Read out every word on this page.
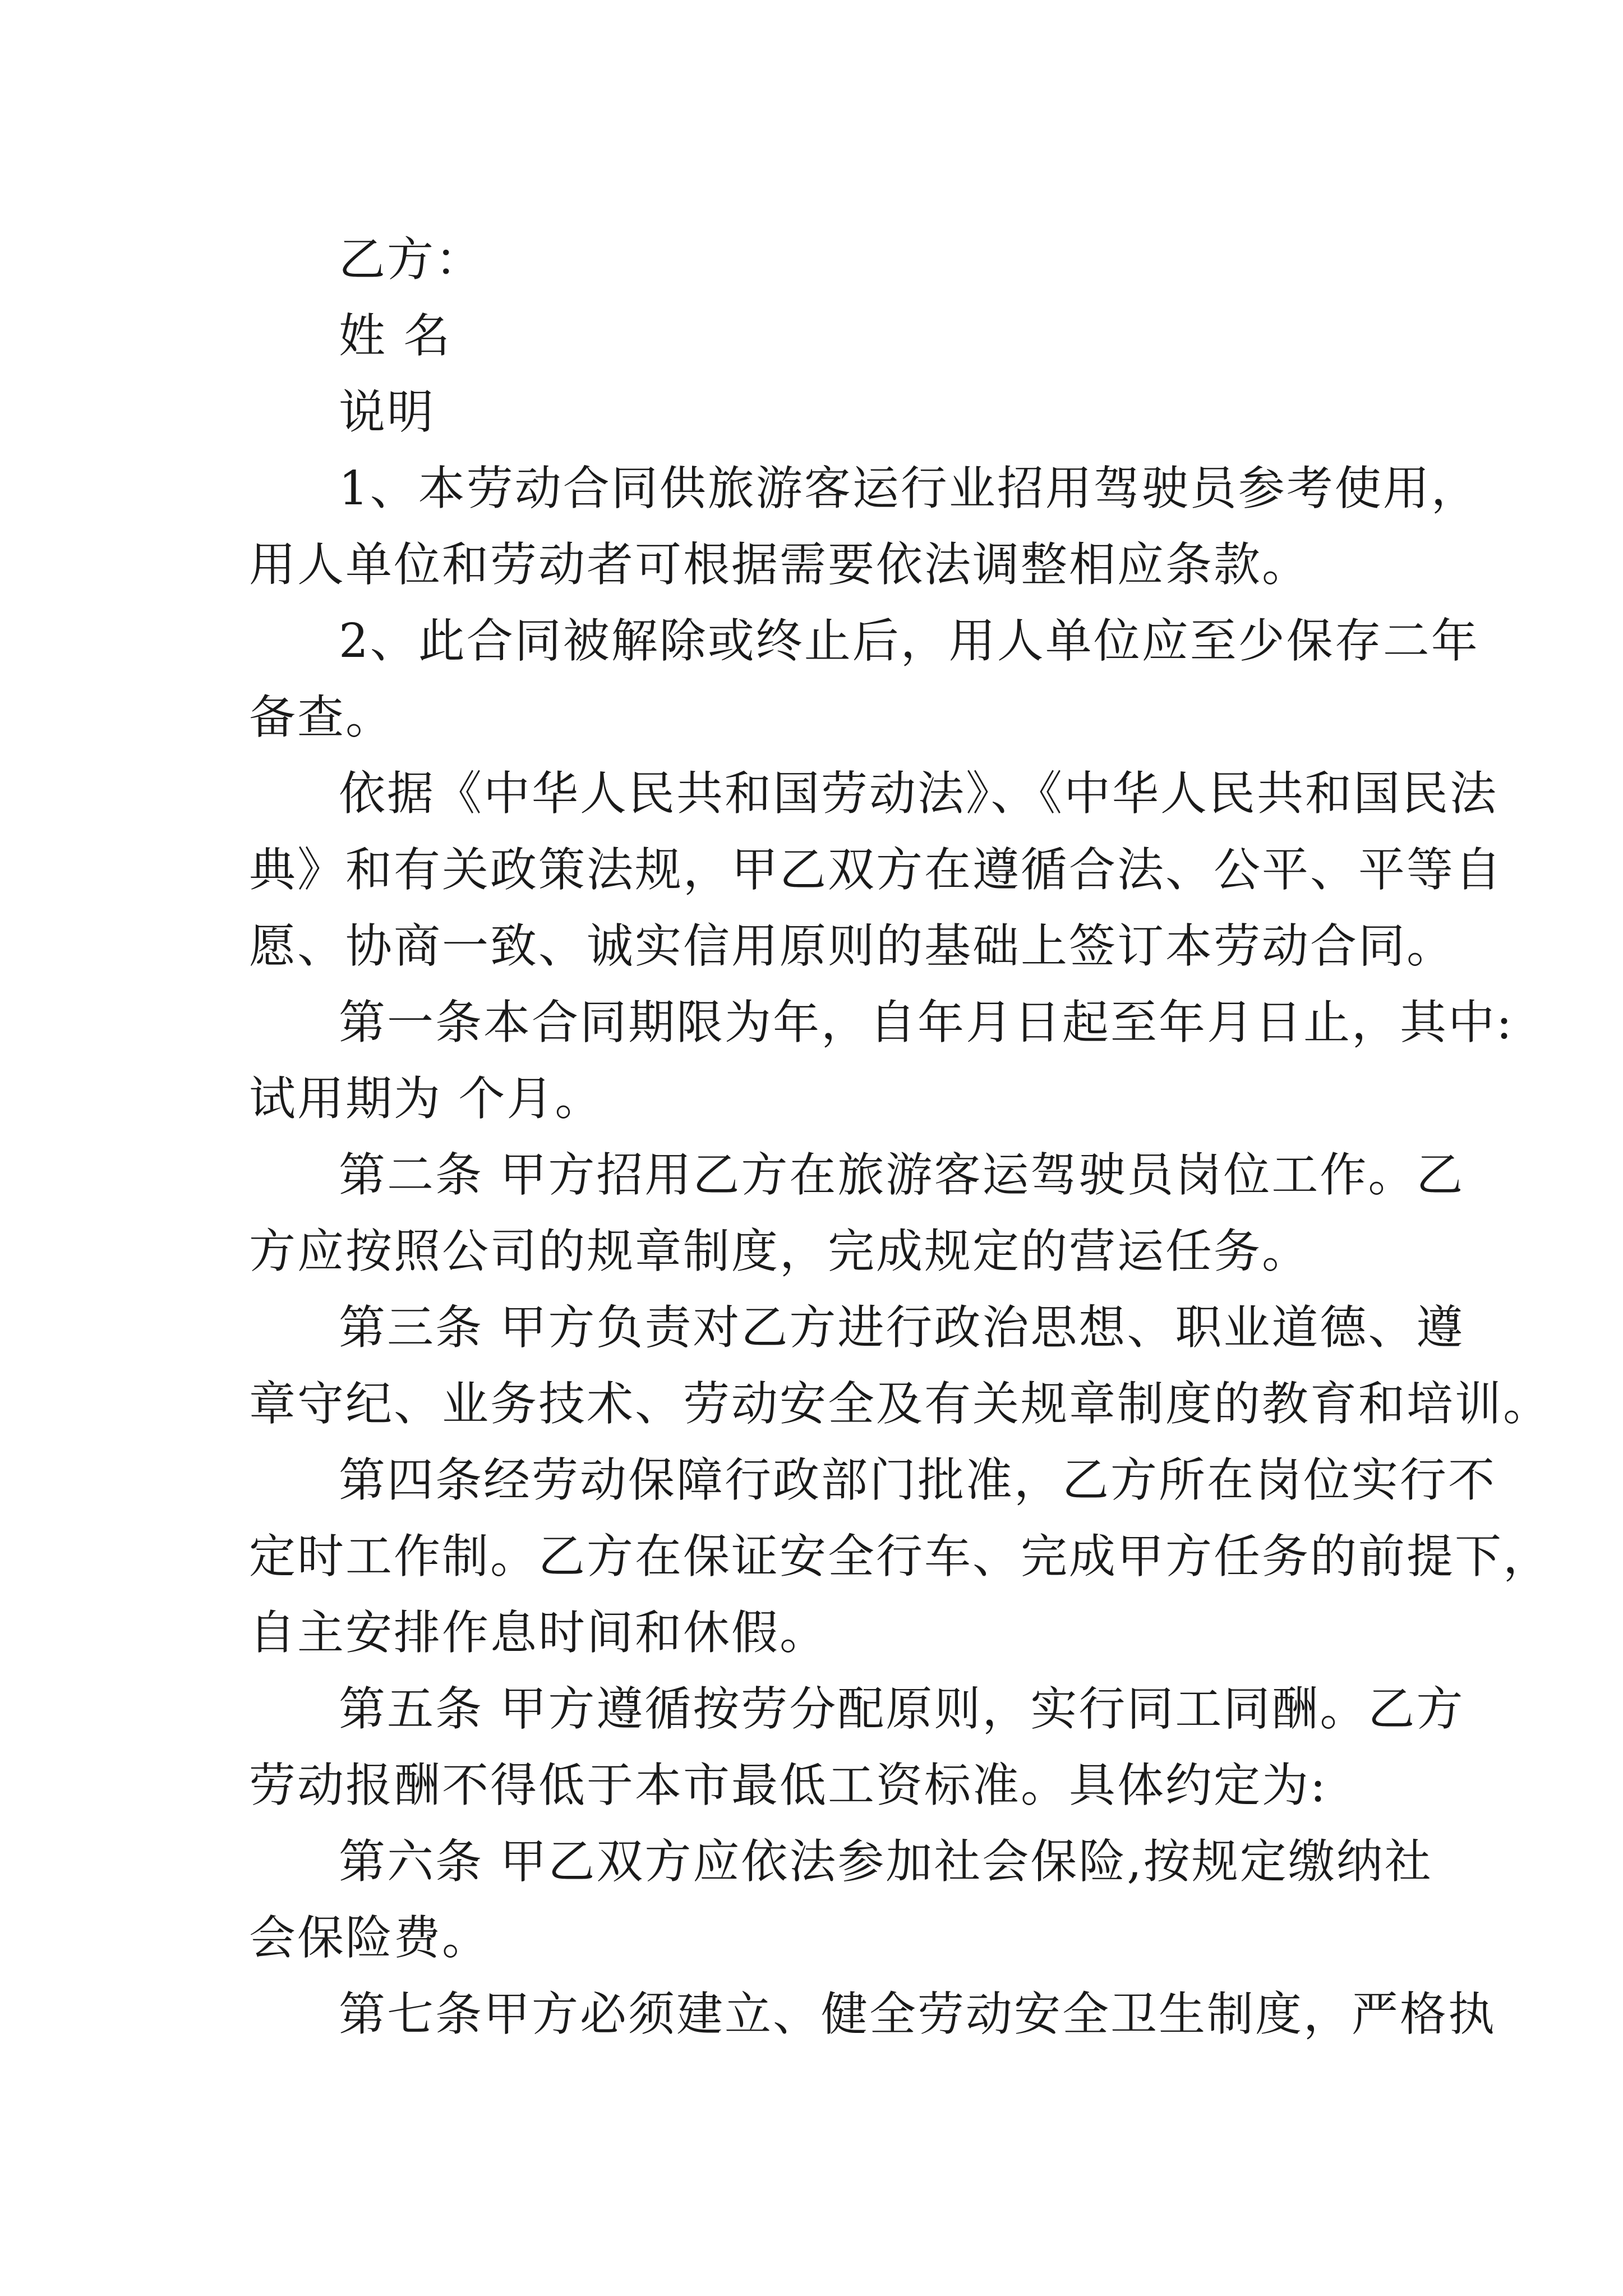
乙方：
姓 名
说明
1、本劳动合同供旅游客运行业招用驾驶员参考使用，
用人单位和劳动者可根据需要依法调整相应条款。
2、此合同被解除或终止后，用人单位应至少保存二年
备查。
依据《中华人民共和国劳动法》、《中华人民共和国民法
典》和有关政策法规，甲乙双方在遵循合法、公平、平等自
愿、协商一致、诚实信用原则的基础上签订本劳动合同。
第一条本合同期限为年，自年月日起至年月日止，其中:
试用期为 个月。
第二条 甲方招用乙方在旅游客运驾驶员岗位工作。乙
方应按照公司的规章制度，完成规定的营运任务。
第三条 甲方负责对乙方进行政治思想、职业道德、遵
章守纪、业务技术、劳动安全及有关规章制度的教育和培训。
第四条经劳动保障行政部门批准，乙方所在岗位实行不
定时工作制。乙方在保证安全行车、完成甲方任务的前提下，
自主安排作息时间和休假。
第五条 甲方遵循按劳分配原则，实行同工同酬。乙方
劳动报酬不得低于本市最低工资标准。具体约定为:
第六条 甲乙双方应依法参加社会保险,按规定缴纳社
会保险费。
第七条甲方必须建立、健全劳动安全卫生制度，严格执
